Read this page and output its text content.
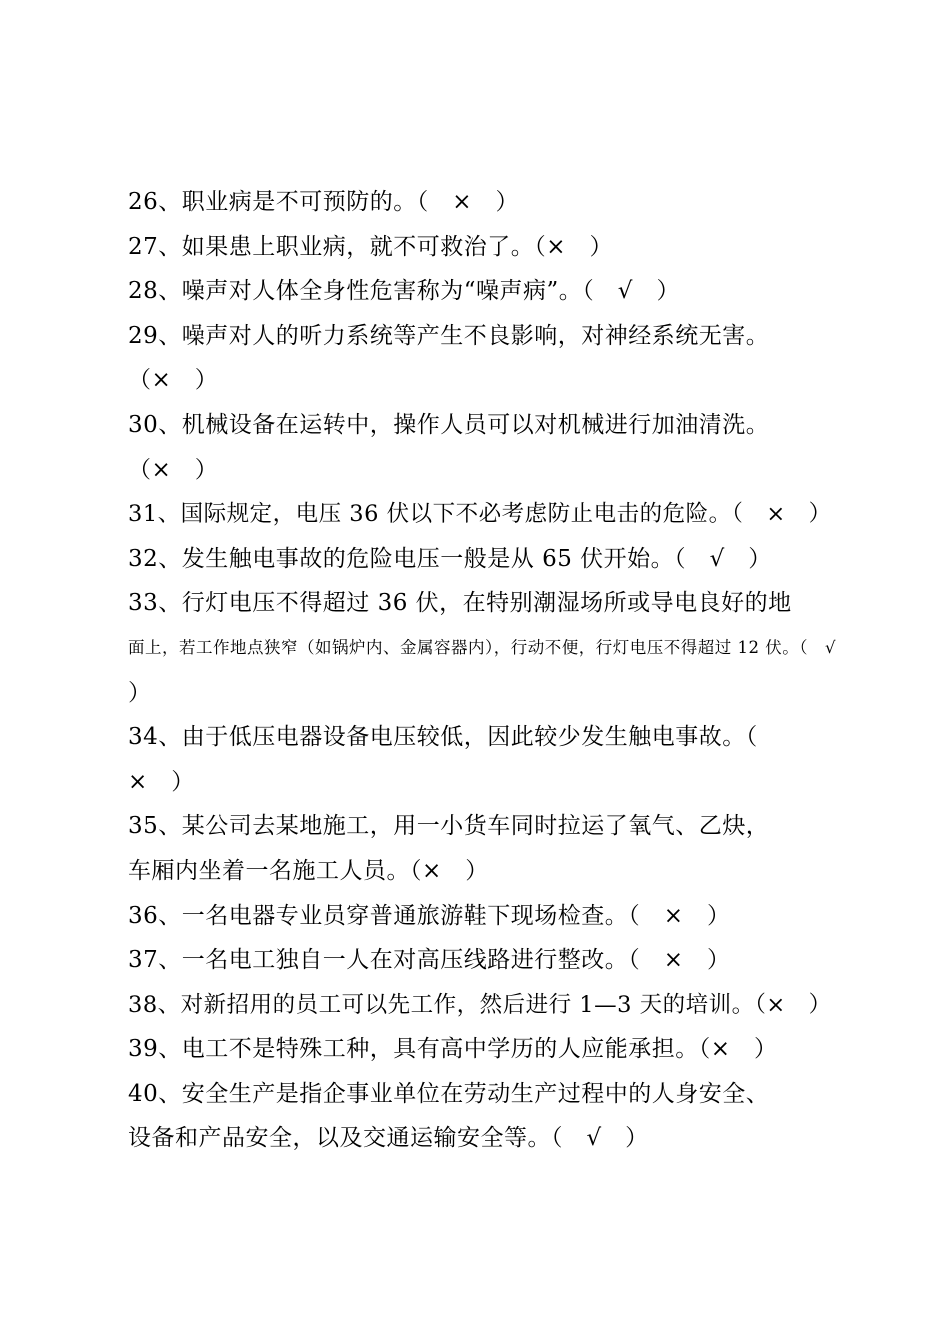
26、职业病是不可预防的。（　×　）
27、如果患上职业病，就不可救治了。（×　）
28、噪声对人体全身性危害称为“噪声病”。（　√　）
29、噪声对人的听力系统等产生不良影响，对神经系统无害。
（×　）
30、机械设备在运转中，操作人员可以对机械进行加油清洗。
（×　）
31、国际规定，电压 36 伏以下不必考虑防止电击的危险。（　×　）
32、发生触电事故的危险电压一般是从 65 伏开始。（　√　）
33、行灯电压不得超过 36 伏，在特别潮湿场所或导电良好的地
面上，若工作地点狭窄（如锅炉内、金属容器内），行动不便，行灯电压不得超过 12 伏。（　√
）
34、由于低压电器设备电压较低，因此较少发生触电事故。（
×　）
35、某公司去某地施工，用一小货车同时拉运了氧气、乙炔，
车厢内坐着一名施工人员。（×　）
36、一名电器专业员穿普通旅游鞋下现场检查。（　×　）
37、一名电工独自一人在对高压线路进行整改。（　×　）
38、对新招用的员工可以先工作，然后进行 1—3 天的培训。（×　）
39、电工不是特殊工种，具有高中学历的人应能承担。（×　）
40、安全生产是指企事业单位在劳动生产过程中的人身安全、
设备和产品安全，以及交通运输安全等。（　√　）
